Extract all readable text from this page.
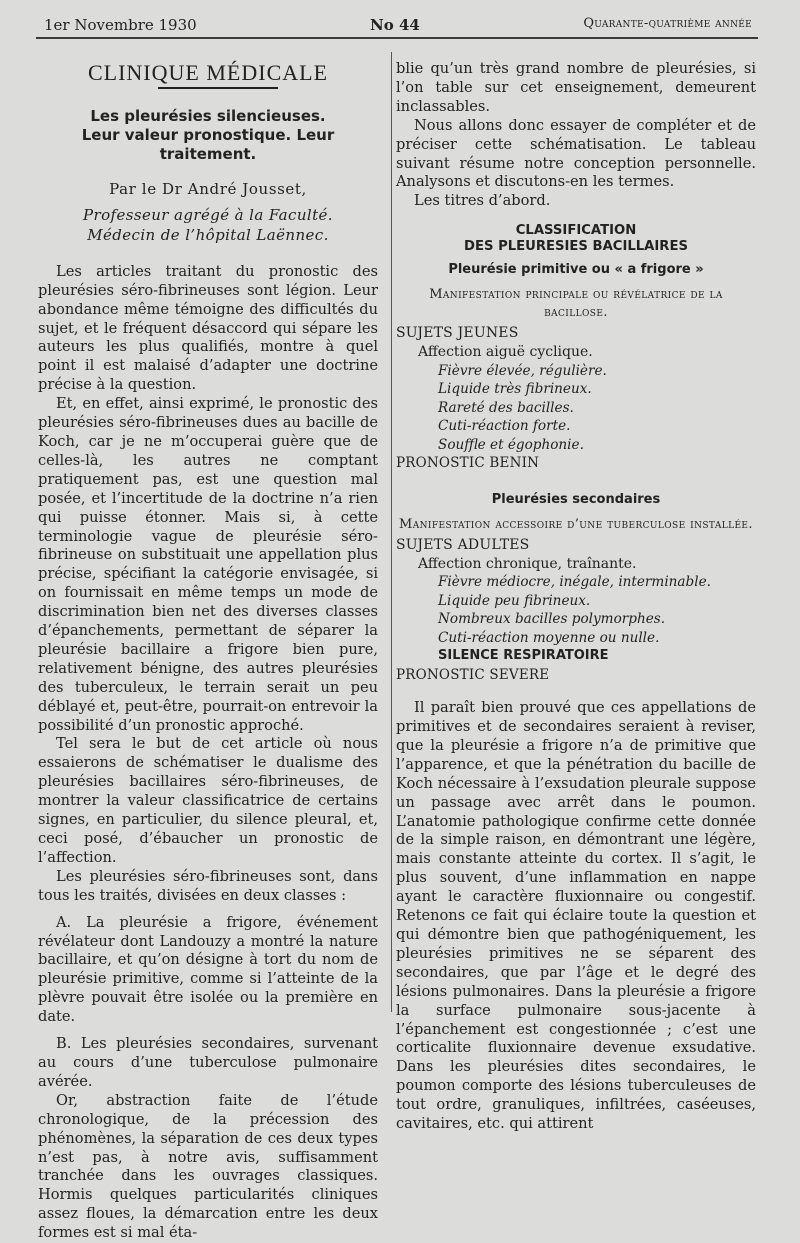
1er Novembre 1930	No 44	Quarante-quatrième année
CLINIQUE MÉDICALE
Les pleurésies silencieuses.
Leur valeur pronostique. Leur traitement.
Par le Dr André Jousset,
Professeur agrégé à la Faculté.
Médecin de l’hôpital Laënnec.

Les articles traitant du pronostic des pleurésies séro-fibrineuses sont légion. Leur abondance même témoigne des difficultés du sujet, et le fréquent désaccord qui sépare les auteurs les plus qualifiés, montre à quel point il est malaisé d’adapter une doctrine précise à la question.

Et, en effet, ainsi exprimé, le pronostic des pleurésies séro-fibrineuses dues au bacille de Koch, car je ne m’occuperai guère que de celles-là, les autres ne comptant pratiquement pas, est une question mal posée, et l’incertitude de la doctrine n’a rien qui puisse étonner. Mais si, à cette terminologie vague de pleurésie séro-fibrineuse on substituait une appellation plus précise, spécifiant la catégorie envisagée, si on fournissait en même temps un mode de discrimination bien net des diverses classes d’épanchements, permettant de séparer la pleurésie bacillaire a frigore bien pure, relativement bénigne, des autres pleurésies des tuberculeux, le terrain serait un peu déblayé et, peut-être, pourrait-on entrevoir la possibilité d’un pronostic approché.

Tel sera le but de cet article où nous essaierons de schématiser le dualisme des pleurésies bacillaires séro-fibrineuses, de montrer la valeur classificatrice de certains signes, en particulier, du silence pleural, et, ceci posé, d’ébaucher un pronostic de l’affection.

Les pleurésies séro-fibrineuses sont, dans tous les traités, divisées en deux classes :

A. La pleurésie a frigore, événement révélateur dont Landouzy a montré la nature bacillaire, et qu’on désigne à tort du nom de pleurésie primitive, comme si l’atteinte de la plèvre pouvait être isolée ou la première en date.

B. Les pleurésies secondaires, survenant au cours d’une tuberculose pulmonaire avérée.

Or, abstraction faite de l’étude chronologique, de la précession des phénomènes, la séparation de ces deux types n’est pas, à notre avis, suffisamment tranchée dans les ouvrages classiques. Hormis quelques particularités cliniques assez floues, la démarcation entre les deux formes est si mal éta-

blie qu’un très grand nombre de pleurésies, si l’on table sur cet enseignement, demeurent inclassables.

Nous allons donc essayer de compléter et de préciser cette schématisation. Le tableau suivant résume notre conception personnelle. Analysons et discutons-en les termes.

Les titres d’abord.

CLASSIFICATION
DES PLEURESIES BACILLAIRES
Pleurésie primitive ou « a frigore »
Manifestation principale ou révélatrice de la bacillose.
SUJETS JEUNES
Affection aiguë cyclique.
Fièvre élevée, régulière.
Liquide très fibrineux.
Rareté des bacilles.
Cuti-réaction forte.
Souffle et égophonie.
PRONOSTIC BENIN
Pleurésies secondaires
Manifestation accessoire d’une tuberculose installée.
SUJETS ADULTES
Affection chronique, traînante.
Fièvre médiocre, inégale, interminable.
Liquide peu fibrineux.
Nombreux bacilles polymorphes.
Cuti-réaction moyenne ou nulle.
SILENCE RESPIRATOIRE
PRONOSTIC SEVERE

Il paraît bien prouvé que ces appellations de primitives et de secondaires seraient à reviser, que la pleurésie a frigore n’a de primitive que l’apparence, et que la pénétration du bacille de Koch nécessaire à l’exsudation pleurale suppose un passage avec arrêt dans le poumon. L’anatomie pathologique confirme cette donnée de la simple raison, en démontrant une légère, mais constante atteinte du cortex. Il s’agit, le plus souvent, d’une inflammation en nappe ayant le caractère fluxionnaire ou congestif. Retenons ce fait qui éclaire toute la question et qui démontre bien que pathogéniquement, les pleurésies primitives ne se séparent des secondaires, que par l’âge et le degré des lésions pulmonaires. Dans la pleurésie a frigore la surface pulmonaire sous-jacente à l’épanchement est congestionnée ; c’est une corticalite fluxionnaire devenue exsudative. Dans les pleurésies dites secondaires, le poumon comporte des lésions tuberculeuses de tout ordre, granuliques, infiltrées, caséeuses, cavitaires, etc. qui attirent
